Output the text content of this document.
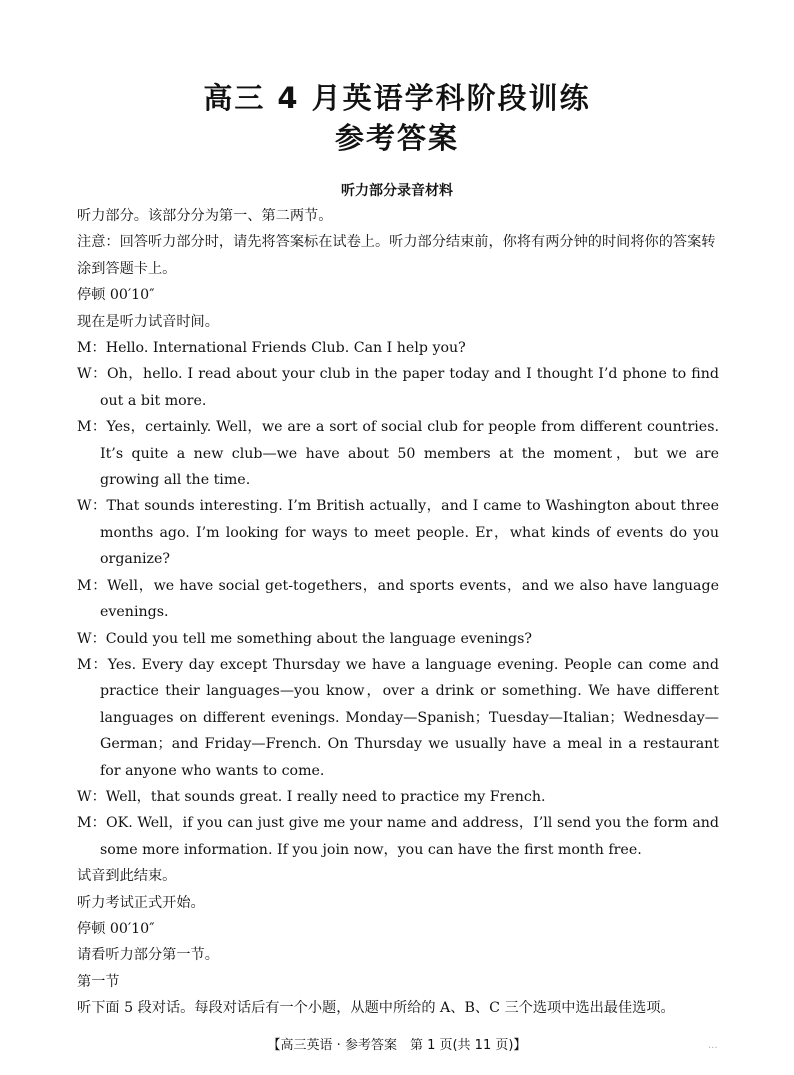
高三 4 月英语学科阶段训练
参考答案
听力部分录音材料

听力部分。该部分分为第一、第二两节。

注意：回答听力部分时，请先将答案标在试卷上。听力部分结束前，你将有两分钟的时间将你的答案转涂到答题卡上。

停顿 00′10″

现在是听力试音时间。

M：Hello. International Friends Club. Can I help you?

W：Oh，hello. I read about your club in the paper today and I thought I’d phone to find out a bit more.

M：Yes，certainly. Well，we are a sort of social club for people from different countries. It’s quite a new club—we have about 50 members at the moment，but we are growing all the time.

W：That sounds interesting. I’m British actually，and I came to Washington about three months ago. I’m looking for ways to meet people. Er，what kinds of events do you organize?

M：Well，we have social get-togethers，and sports events，and we also have language evenings.

W：Could you tell me something about the language evenings?

M：Yes. Every day except Thursday we have a language evening. People can come and practice their languages—you know，over a drink or something. We have different languages on different evenings. Monday—Spanish；Tuesday—Italian；Wednesday—German；and Friday—French. On Thursday we usually have a meal in a restaurant for anyone who wants to come.

W：Well，that sounds great. I really need to practice my French.

M：OK. Well，if you can just give me your name and address，I’ll send you the form and some more information. If you join now，you can have the first month free.

试音到此结束。

听力考试正式开始。

停顿 00′10″

请看听力部分第一节。

第一节

听下面 5 段对话。每段对话后有一个小题，从题中所给的 A、B、C 三个选项中选出最佳选项。

【高三英语 · 参考答案　第 1 页(共 11 页)】	...
